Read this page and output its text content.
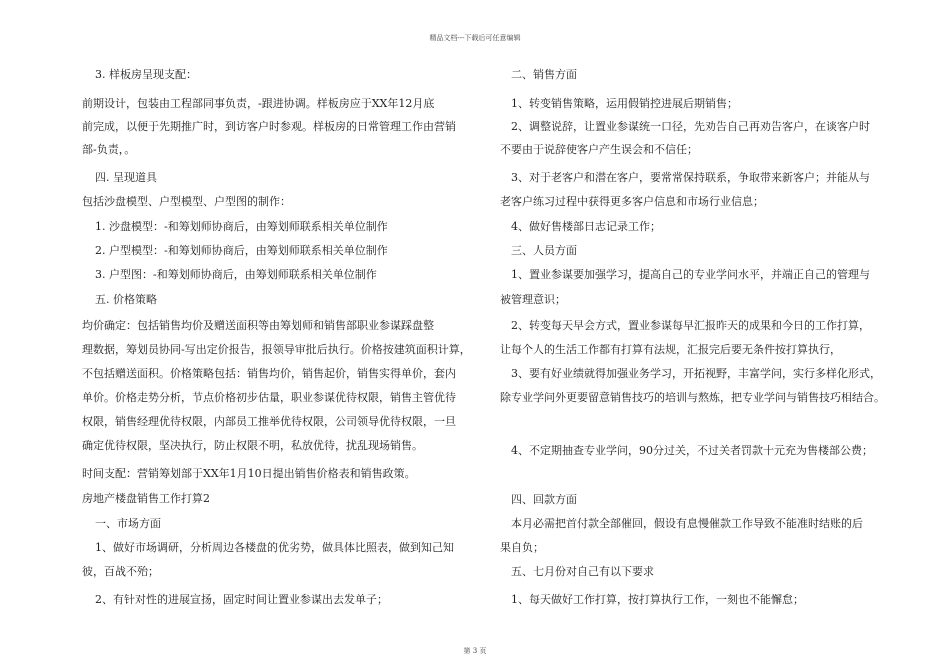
精品文档---下载后可任意编辑
3. 样板房呈现支配：
前期设计，包装由工程部同事负责，-跟进协调。样板房应于XX年12月底
前完成，以便于先期推广时，到访客户时参观。样板房的日常管理工作由营销
部-负责，。
四. 呈现道具
包括沙盘模型、户型模型、户型图的制作：
1. 沙盘模型：-和筹划师协商后，由筹划师联系相关单位制作
2. 户型模型：-和筹划师协商后，由筹划师联系相关单位制作
3. 户型图：-和筹划师协商后，由筹划师联系相关单位制作
五. 价格策略
均价确定：包括销售均价及赠送面积等由筹划师和销售部职业参谋踩盘整
理数据，筹划员协同-写出定价报告，报领导审批后执行。价格按建筑面积计算，
不包括赠送面积。价格策略包括：销售均价，销售起价，销售实得单价，套内
单价。价格走势分析，节点价格初步估量，职业参谋优待权限，销售主管优待
权限，销售经理优待权限，内部员工推举优待权限，公司领导优待权限，一旦
确定优待权限，坚决执行，防止权限不明，私放优待，扰乱现场销售。
时间支配：营销筹划部于XX年1月10日提出销售价格表和销售政策。
房地产楼盘销售工作打算2
一、市场方面
1、做好市场调研，分析周边各楼盘的优劣势，做具体比照表，做到知己知
彼，百战不殆；
2、有针对性的进展宣扬，固定时间让置业参谋出去发单子；
二、销售方面
1、转变销售策略，运用假销控进展后期销售；
2、调整说辞，让置业参谋统一口径，先劝告自己再劝告客户，在谈客户时
不要由于说辞使客户产生误会和不信任；
3、对于老客户和潜在客户，要常常保持联系，争取带来新客户；并能从与
老客户练习过程中获得更多客户信息和市场行业信息；
4、做好售楼部日志记录工作；
三、人员方面
1、置业参谋要加强学习，提高自己的专业学问水平，并端正自己的管理与
被管理意识；
2、转变每天早会方式，置业参谋每早汇报昨天的成果和今日的工作打算，
让每个人的生活工作都有打算有法规，汇报完后要无条件按打算执行，
3、要有好业绩就得加强业务学习，开拓视野，丰富学问，实行多样化形式，
除专业学问外更要留意销售技巧的培训与熬炼，把专业学问与销售技巧相结合。
4、不定期抽查专业学问，90分过关，不过关者罚款十元充为售楼部公费；
四、回款方面
本月必需把首付款全部催回，假设有息慢催款工作导致不能准时结账的后
果自负；
五、七月份对自己有以下要求
1、每天做好工作打算，按打算执行工作，一刻也不能懈怠；
第 3 页
